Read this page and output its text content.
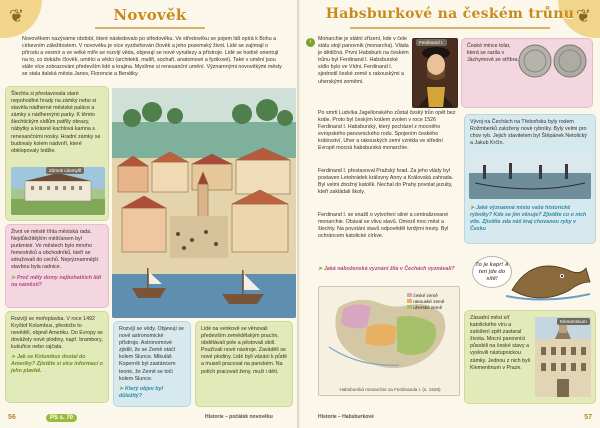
❦	Novověk

Novověkem nazýváme období, které následovalo po středověku. Ve středověku se pojem lidí opírá k Bohu a církevním záležitostem. V novověku je více vyzdvihován člověk a jeho pozemský život. Lidé se zajímají o přírodu a vesmír a ve velké míře se rozvíjí věda, objevují se nové vynálezy a přístroje. Lidé se hodně orientují na to, co dokáže člověk, umělci a vědci (architekti, malíři, sochaři, anatomové a fyzikové). Také v umění jsou stále více zobrazováni především lidé a krajina. Myslíme si renesanční umění. Významnými novověkými městy se stala italská města Janov, Florencie a Benátky.

Šlechta si přestavovala staré nepohodlné hrady na zámky nebo si stavěla nádherné městské paláce a zámky s nádhernými parky. K těmto šlechtickým sídlům patřily obrazy, nábytky a krásné kachlová kamna s renesančními nosky. Hradní zámky se budovaly kolem nádvoří, které obklopovaly lodžie.

Zámek Litomyšl

Život ve městě tíhla městská rada. Nejdůležitějším měšťanem byl purkmistr. Ve městech bylo mnoho řemeslníků a obchodníků, kteří se sdružovali do cechů. Nejvýznamnější stavbou byla radnice.

➤ Proč měly domy nejbohatších lidí na náměstí?

Rozvíjí se mořeplavba. V roce 1492 Kryštof Kolumbus, přestože to nevěděl, objevil Ameriku. Do Evropy se dovážely nové plodiny, např. brambory, kukuřice nebo rajčata.

➤ Jak se Kolumbus dostal do Ameriky? Zjistěte si více informací o jeho plavbě.

Rozvíjí se vědy. Objevují se nové astronomické přístroje. Astronomové zjistili, že se Země otáčí kolem Slunce. Mikuláš Koperník byl zastáncem teorie, že Země se točí kolem Slunce.

➤ Který objev byl důležitý?

Lidé na venkově se věnovali především zemědělským pracím, obdělávali pole a pěstovali obilí. Používali nové nástroje. Zaváděli se nové plodiny. Lidé byli vázáni k půdě a museli pracovat na panském. Na polích pracovali ženy, muži i děti.

56	PS s. 70	Historie – počátek novověku
❦
Habsburkové na českém trůnu
i	Monarchie je státní zřízení, kde v čele státu stojí panovník (monarcha). Vláda je dědičná. První Habsburk na českém trůnu byl Ferdinand I. Habsburské sídlo bylo ve Vídni. Ferdinand I. sjednotil české země s rakouskými a uherskými zeměmi.

Ferdinand I.

České mince tolar, která se razila v Jáchymově ze stříbra.

Po smrti Ludvíka Jagellonského zůstal český trůn opět bez krále. Proto byl českým králem zvolen v roce 1526 Ferdinand I. Habsburský, který pocházel z mocného evropského panovnického rodu. Spojením českého království, Uher a rakouských zemí vznikla ve střední Evropě mocná habsburská monarchie.

Ferdinand I. přestavoval Pražský hrad. Za jeho vlády byl postaven Letohrádek královny Anny a Královská zahrada. Byl velmi zbožný katolík. Nechal do Prahy povolat jezuity, kteří zakládali školy.

Ferdinand I. se snažil o vytvoření silné a centralizované monarchie. Obával se vlivu stavů. Omezil moc měst a šlechty. Na povstání stavů odpověděl tvrdými tresty. Byl ochráncem katolické církve.

➤ Jaká náboženská vyznání žila v Čechách vyznávali?

české země
rakouské země
uherské země
Habsburská monarchie za Ferdinanda I. (s. 1526)

Vývoj na Čechách na Třeboňsku byly rodem Rožmberků založeny nové rybníky. Byly velmi pro chov ryb. Jejich stavitelem byl Štěpánek Netolický a Jakub Krčín.

➤ Jaké významné místo vaše historické rybníky? Kde se jim věnuje? Zjistěte co o nich víte. Zjistěte zda náš kraj chovanou ryby v Česku

To je kapr! A ten jde do sítě!

Zásadní měst síť katolického víru a založení zpět zastaral života. Mocní panovníci působili na české stavy a vyslovili nástupnickou zámky. Jednou z nich byli Klementinum v Praze.

Klementinum
Historie – Habsburkové	57
